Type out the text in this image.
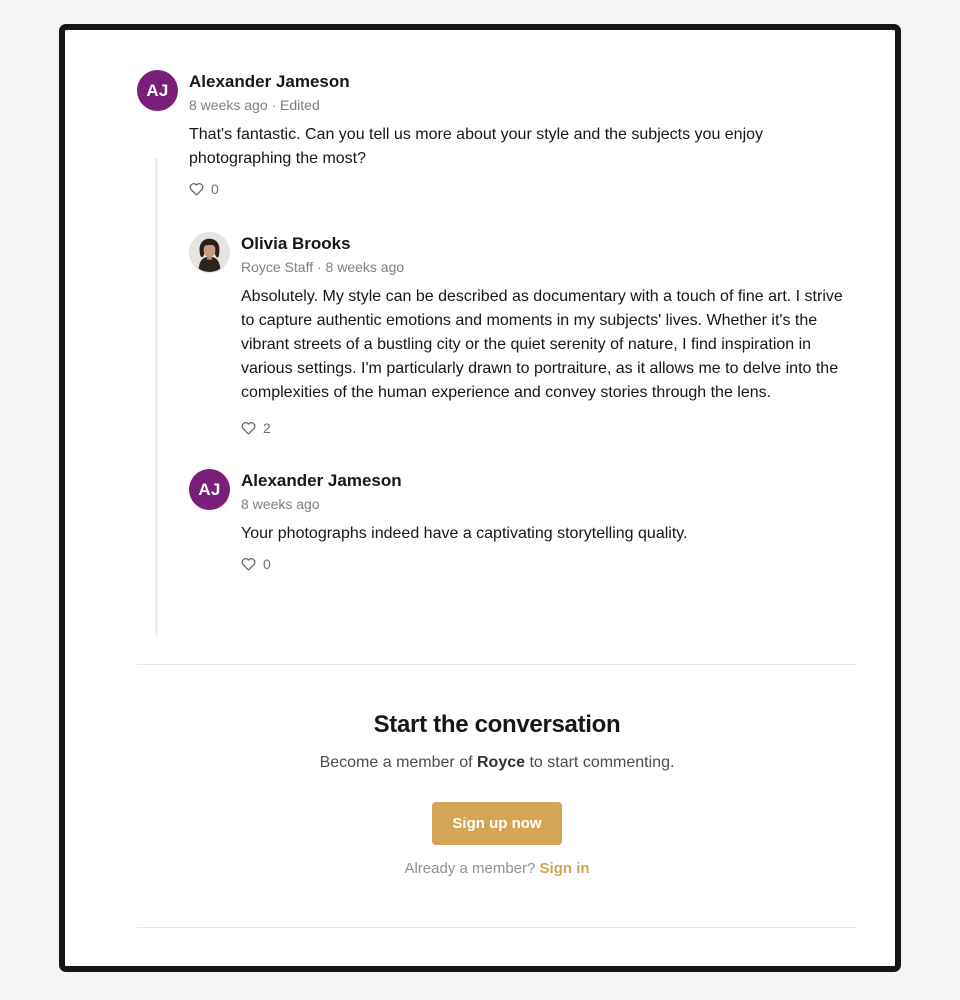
AJ	Alexander Jameson
8 weeks ago · Edited
That's fantastic. Can you tell us more about your style and the subjects you enjoy photographing the most?
0
Olivia Brooks
Royce Staff · 8 weeks ago
Absolutely. My style can be described as documentary with a touch of fine art. I strive to capture authentic emotions and moments in my subjects' lives. Whether it's the vibrant streets of a bustling city or the quiet serenity of nature, I find inspiration in various settings. I'm particularly drawn to portraiture, as it allows me to delve into the complexities of the human experience and convey stories through the lens.
2
AJ	Alexander Jameson
8 weeks ago
Your photographs indeed have a captivating storytelling quality.
0
Start the conversation
Become a member of Royce to start commenting.
Sign up now
Already a member? Sign in
